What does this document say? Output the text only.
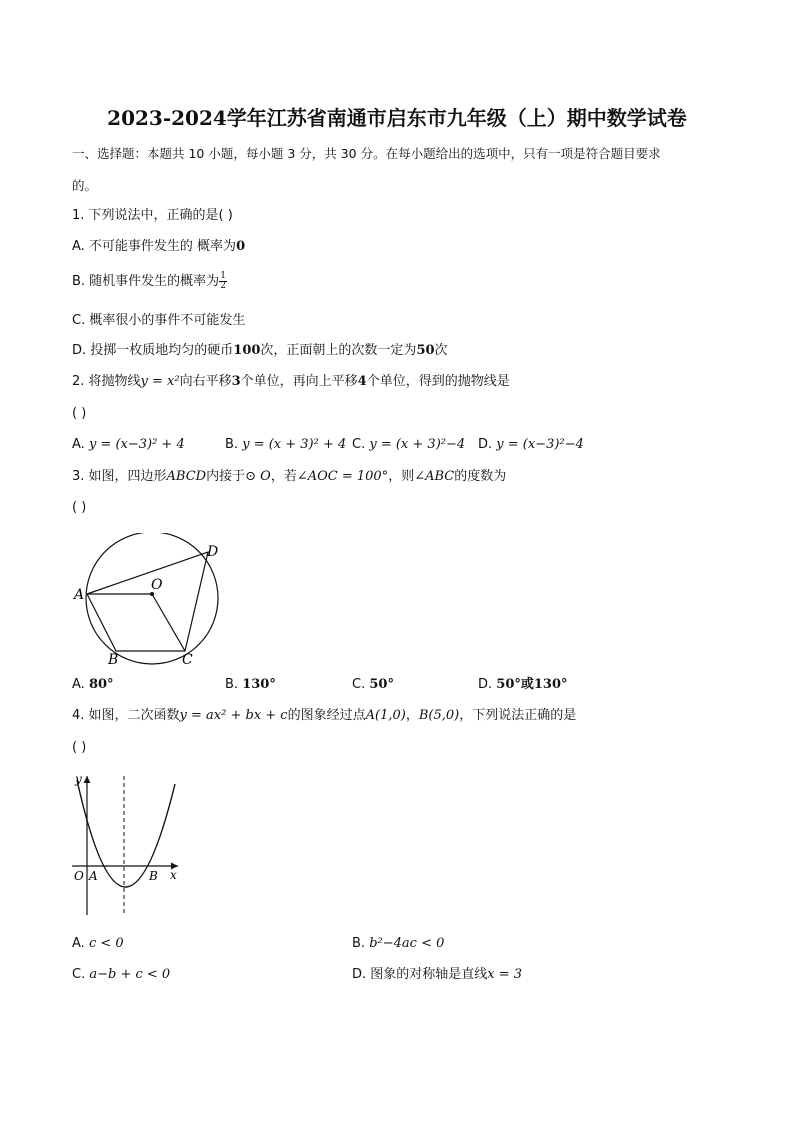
2023-2024学年江苏省南通市启东市九年级（上）期中数学试卷
一、选择题：本题共 10 小题，每小题 3 分，共 30 分。在每小题给出的选项中，只有一项是符合题目要求
的。
1. 下列说法中，正确的是( )
A. 不可能事件发生的 概率为0
B. 随机事件发生的概率为 $\frac{1}{2}$
C. 概率很小的事件不可能发生
D. 投掷一枚质地均匀的硬币100次，正面朝上的次数一定为50次
2. 将抛物线y = x²向右平移3个单位，再向上平移4个单位，得到的抛物线是
( )
A. y = (x−3)² + 4	B. y = (x + 3)² + 4 C. y = (x + 3)²−4 D. y = (x−3)²−4
3. 如图，四边形ABCD内接于⊙ O，若∠AOC = 100°，则∠ABC的度数为
( )
A
B	C
D
O
A. 80°	B. 130°	C. 50°	D. 50°或130°
4. 如图，二次函数y = ax² + bx + c的图象经过点A(1,0)，B(5,0)，下列说法正确的是
( )
y
x
O A	B
A. c < 0	B. b²−4ac < 0
C. a−b + c < 0	D. 图象的对称轴是直线x = 3
